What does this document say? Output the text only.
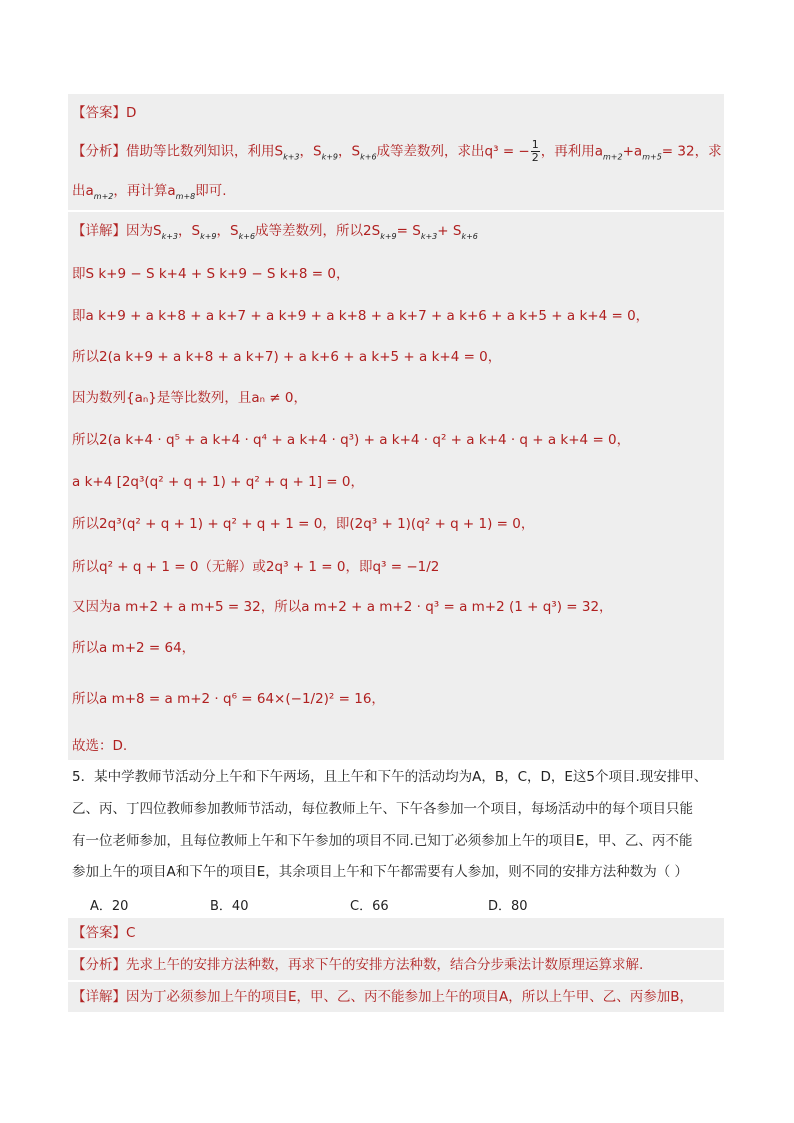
【答案】D
【分析】借助等比数列知识，利用$S_{k+3}$，$S_{k+9}$，$S_{k+6}$成等差数列，求出q³ = − $\frac{1}{2}$ ，再利用$a_{m+2}+a_{m+5}= 32$，求
出$a_{m+2}$，再计算$a_{m+8}$即可.
【详解】因为$S_{k+3}$，$S_{k+9}$，$S_{k+6}$成等差数列，所以$2S_{k+9}= S_{k+3}+ S_{k+6}$
即S k+9 − S k+4 + S k+9 − S k+8 = 0，
即a k+9 + a k+8 + a k+7 + a k+9 + a k+8 + a k+7 + a k+6 + a k+5 + a k+4 = 0，
所以2(a k+9 + a k+8 + a k+7) + a k+6 + a k+5 + a k+4 = 0，
因为数列{aₙ}是等比数列，且aₙ ≠ 0，
所以2(a k+4 · q⁵ + a k+4 · q⁴ + a k+4 · q³) + a k+4 · q² + a k+4 · q + a k+4 = 0，
a k+4 [2q³(q² + q + 1) + q² + q + 1] = 0，
所以2q³(q² + q + 1) + q² + q + 1 = 0，即(2q³ + 1)(q² + q + 1) = 0，
所以q² + q + 1 = 0（无解）或2q³ + 1 = 0，即q³ = −1/2
又因为a m+2 + a m+5 = 32，所以a m+2 + a m+2 · q³ = a m+2 (1 + q³) = 32，
所以a m+2 = 64，
所以a m+8 = a m+2 · q⁶ = 64×(−1/2)² = 16，
故选：D.
5．某中学教师节活动分上午和下午两场，且上午和下午的活动均为A，B，C，D，E这5个项目.现安排甲、
乙、丙、丁四位教师参加教师节活动，每位教师上午、下午各参加一个项目，每场活动中的每个项目只能
有一位老师参加，且每位教师上午和下午参加的项目不同.已知丁必须参加上午的项目E，甲、乙、丙不能
参加上午的项目A和下午的项目E，其余项目上午和下午都需要有人参加，则不同的安排方法种数为（ ）
A．20	B．40	C．66	D．80
【答案】C
【分析】先求上午的安排方法种数，再求下午的安排方法种数，结合分步乘法计数原理运算求解.
【详解】因为丁必须参加上午的项目E，甲、乙、丙不能参加上午的项目A，所以上午甲、乙、丙参加B，
